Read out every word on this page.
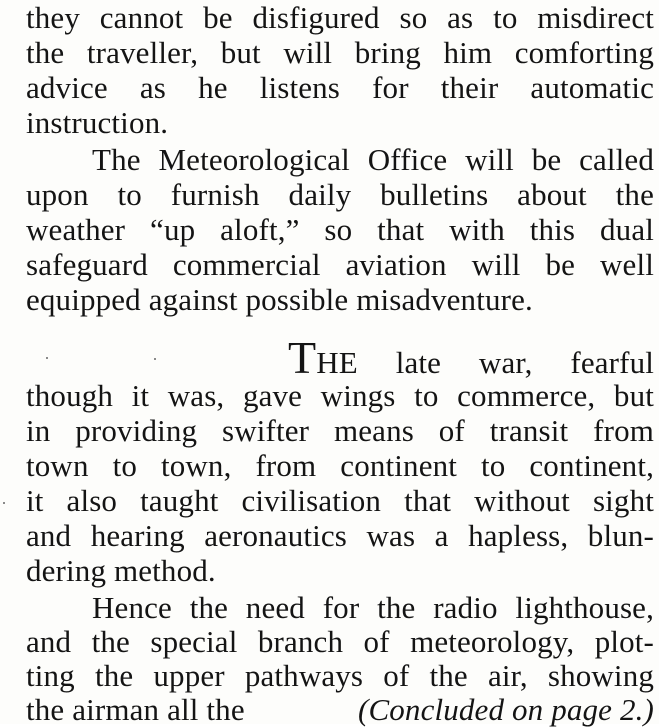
they cannot be disfigured so as to misdirect
the traveller, but will bring him comforting
advice as he listens for their automatic
instruction.
The Meteorological Office will be called
upon to furnish daily bulletins about the
weather “up aloft,” so that with this dual
safeguard commercial aviation will be well
equipped against possible misadventure.
THE late war, fearful
though it was, gave wings to commerce, but
in providing swifter means of transit from
town to town, from continent to continent,
it also taught civilisation that without sight
and hearing aeronautics was a hapless, blun-
dering method.
Hence the need for the radio lighthouse,
and the special branch of meteorology, plot-
ting the upper pathways of the air, showing
the airman all the	(Concluded on page 2.)
